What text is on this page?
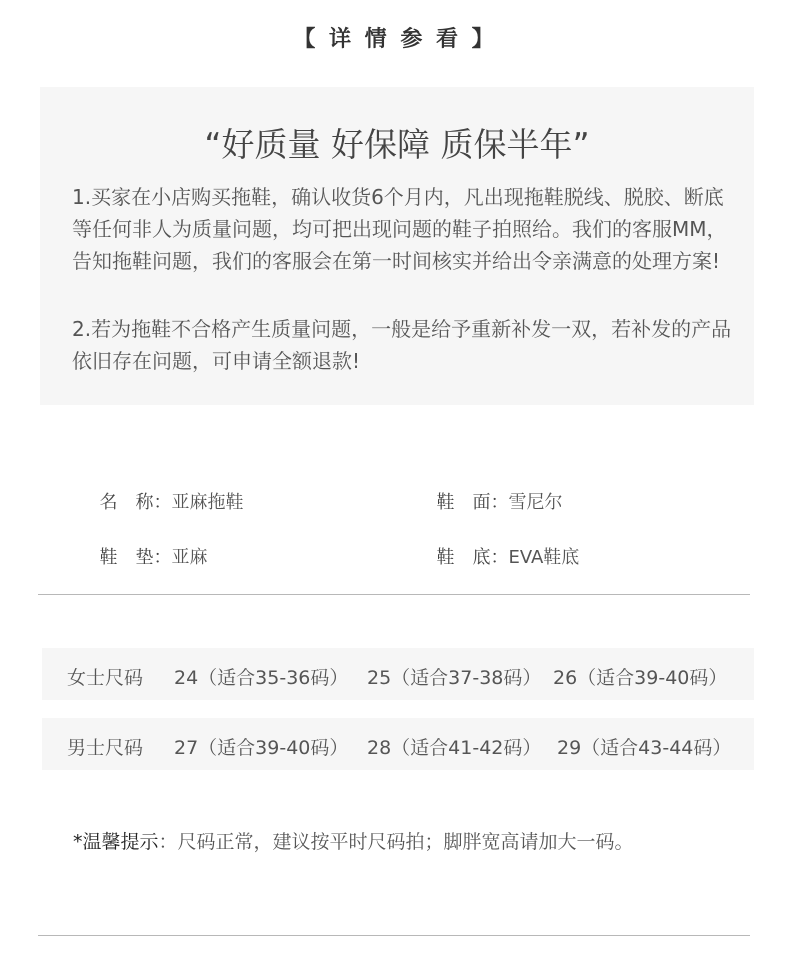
【 详 情 参 看 】
“好质量 好保障 质保半年”
1.买家在小店购买拖鞋，确认收货6个月内，凡出现拖鞋脱线、脱胶、断底等任何非人为质量问题，均可把出现问题的鞋子拍照给。我们的客服MM，告知拖鞋问题，我们的客服会在第一时间核实并给出令亲满意的处理方案!
2.若为拖鞋不合格产生质量问题，一般是给予重新补发一双，若补发的产品依旧存在问题，可申请全额退款!

名　称：亚麻拖鞋	鞋　面：雪尼尔

鞋　垫：亚麻	鞋　底：EVA鞋底

女士尺码 24（适合35-36码） 25（适合37-38码） 26（适合39-40码）
男士尺码 27（适合39-40码） 28（适合41-42码） 29（适合43-44码）
*温馨提示：尺码正常，建议按平时尺码拍；脚胖宽高请加大一码。
